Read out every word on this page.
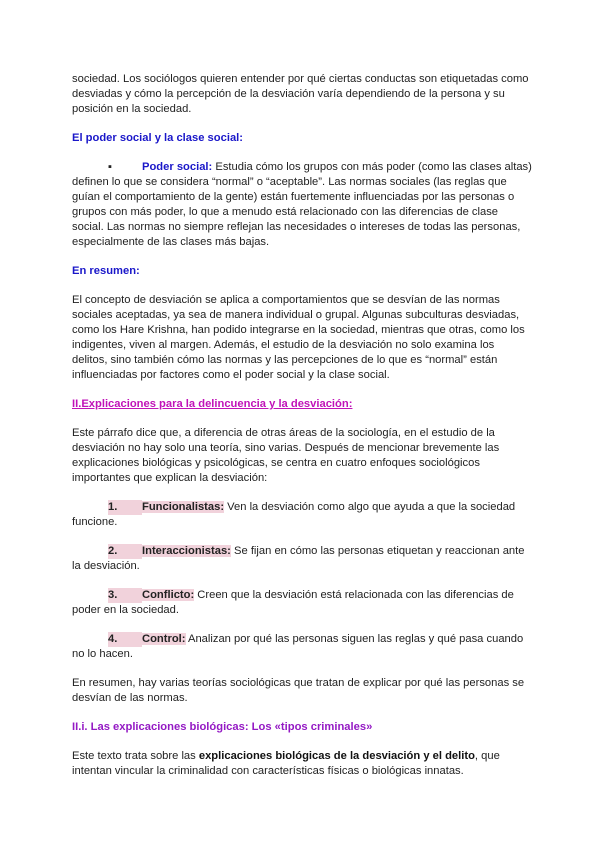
sociedad. Los sociólogos quieren entender por qué ciertas conductas son etiquetadas como desviadas y cómo la percepción de la desviación varía dependiendo de la persona y su posición en la sociedad.

El poder social y la clase social:

▪	Poder social: Estudia cómo los grupos con más poder (como las clases altas) definen lo que se considera “normal” o “aceptable”. Las normas sociales (las reglas que guían el comportamiento de la gente) están fuertemente influenciadas por las personas o grupos con más poder, lo que a menudo está relacionado con las diferencias de clase social. Las normas no siempre reflejan las necesidades o intereses de todas las personas, especialmente de las clases más bajas.

En resumen:

El concepto de desviación se aplica a comportamientos que se desvían de las normas sociales aceptadas, ya sea de manera individual o grupal. Algunas subculturas desviadas, como los Hare Krishna, han podido integrarse en la sociedad, mientras que otras, como los indigentes, viven al margen. Además, el estudio de la desviación no solo examina los delitos, sino también cómo las normas y las percepciones de lo que es “normal” están influenciadas por factores como el poder social y la clase social.

II.Explicaciones para la delincuencia y la desviación:

Este párrafo dice que, a diferencia de otras áreas de la sociología, en el estudio de la desviación no hay solo una teoría, sino varias. Después de mencionar brevemente las explicaciones biológicas y psicológicas, se centra en cuatro enfoques sociológicos importantes que explican la desviación:

1. Funcionalistas: Ven la desviación como algo que ayuda a que la sociedad funcione.

2. Interaccionistas: Se fijan en cómo las personas etiquetan y reaccionan ante la desviación.

3. Conflicto: Creen que la desviación está relacionada con las diferencias de poder en la sociedad.

4. Control: Analizan por qué las personas siguen las reglas y qué pasa cuando no lo hacen.

En resumen, hay varias teorías sociológicas que tratan de explicar por qué las personas se desvían de las normas.

II.i. Las explicaciones biológicas: Los «tipos criminales»

Este texto trata sobre las explicaciones biológicas de la desviación y el delito, que intentan vincular la criminalidad con características físicas o biológicas innatas.
